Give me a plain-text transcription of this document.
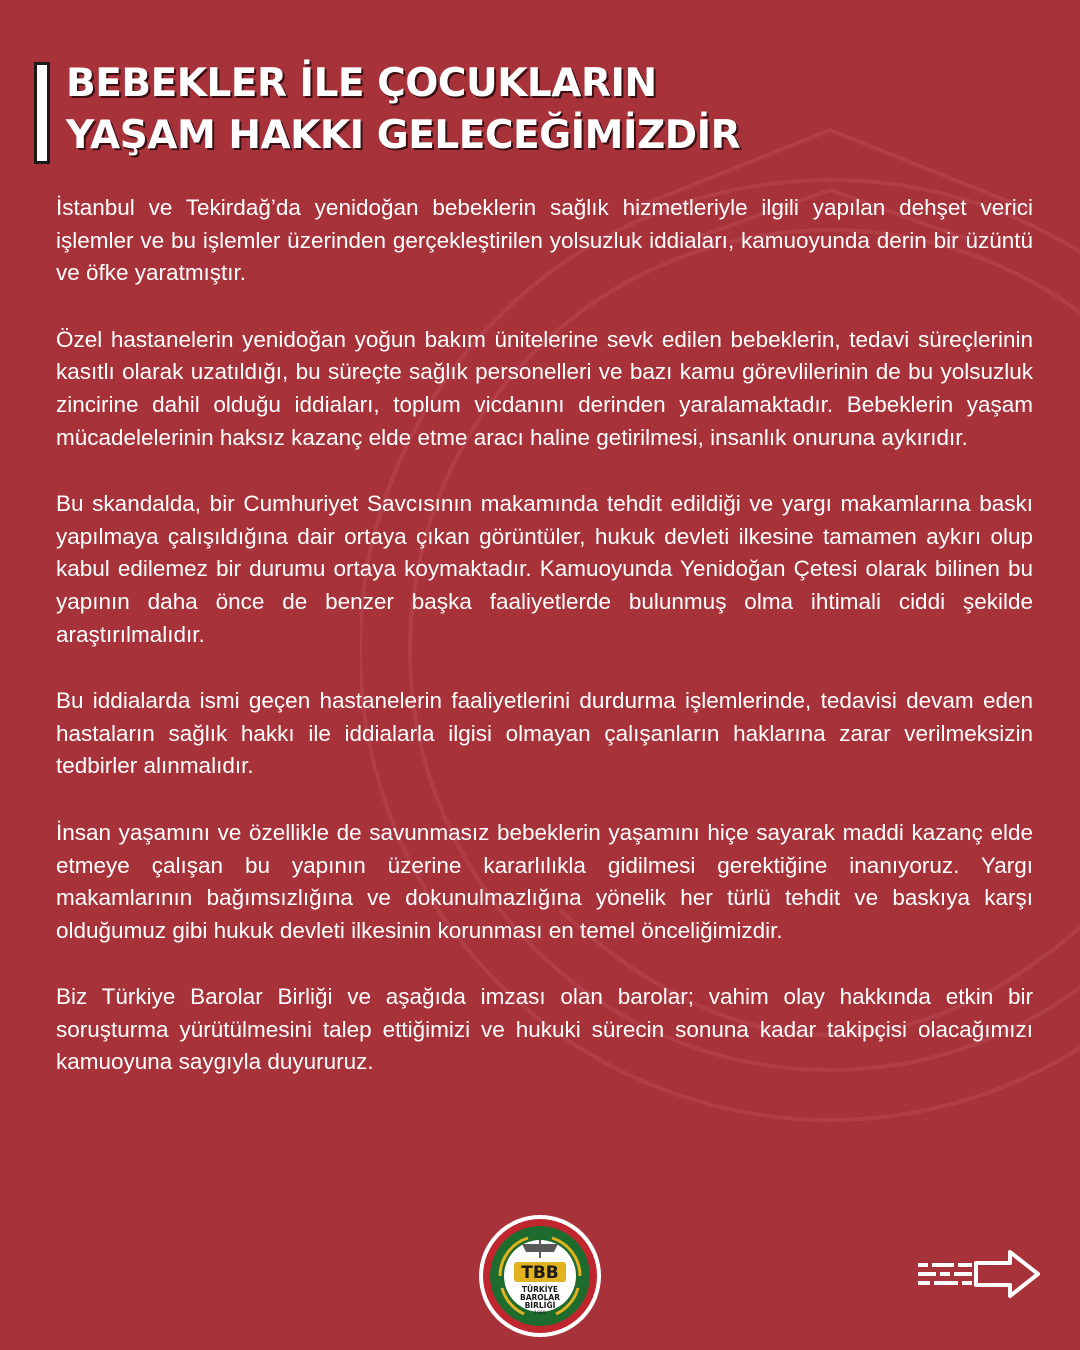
BEBEKLER İLE ÇOCUKLARIN
YAŞAM HAKKI GELECEĞİMİZDİR

İstanbul ve Tekirdağ’da yenidoğan bebeklerin sağlık hizmetleriyle ilgili yapılan dehşet verici işlemler ve bu işlemler üzerinden gerçekleştirilen yolsuzluk iddiaları, kamuoyunda derin bir üzüntü ve öfke yaratmıştır.

Özel hastanelerin yenidoğan yoğun bakım ünitelerine sevk edilen bebeklerin, tedavi süreçlerinin kasıtlı olarak uzatıldığı, bu süreçte sağlık personelleri ve bazı kamu görevlilerinin de bu yolsuzluk zincirine dahil olduğu iddiaları, toplum vicdanını derinden yaralamaktadır. Bebeklerin yaşam mücadelelerinin haksız kazanç elde etme aracı haline getirilmesi, insanlık onuruna aykırıdır.

Bu skandalda, bir Cumhuriyet Savcısının makamında tehdit edildiği ve yargı makamlarına baskı yapılmaya çalışıldığına dair ortaya çıkan görüntüler, hukuk devleti ilkesine tamamen aykırı olup kabul edilemez bir durumu ortaya koymaktadır. Kamuoyunda Yenidoğan Çetesi olarak bilinen bu yapının daha önce de benzer başka faaliyetlerde bulunmuş olma ihtimali ciddi şekilde araştırılmalıdır.

Bu iddialarda ismi geçen hastanelerin faaliyetlerini durdurma işlemlerinde, tedavisi devam eden hastaların sağlık hakkı ile iddialarla ilgisi olmayan çalışanların haklarına zarar verilmeksizin tedbirler alınmalıdır.

İnsan yaşamını ve özellikle de savunmasız bebeklerin yaşamını hiçe sayarak maddi kazanç elde etmeye çalışan bu yapının üzerine kararlılıkla gidilmesi gerektiğine inanıyoruz. Yargı makamlarının bağımsızlığına ve dokunulmazlığına yönelik her türlü tehdit ve baskıya karşı olduğumuz gibi hukuk devleti ilkesinin korunması en temel önceliğimizdir.

Biz Türkiye Barolar Birliği ve aşağıda imzası olan barolar; vahim olay hakkında etkin bir soruşturma yürütülmesini talep ettiğimizi ve hukuki sürecin sonuna kadar takipçisi olacağımızı kamuoyuna saygıyla duyururuz.

TBB
TÜRKİYE
BAROLAR
BİRLİĞİ
1969
